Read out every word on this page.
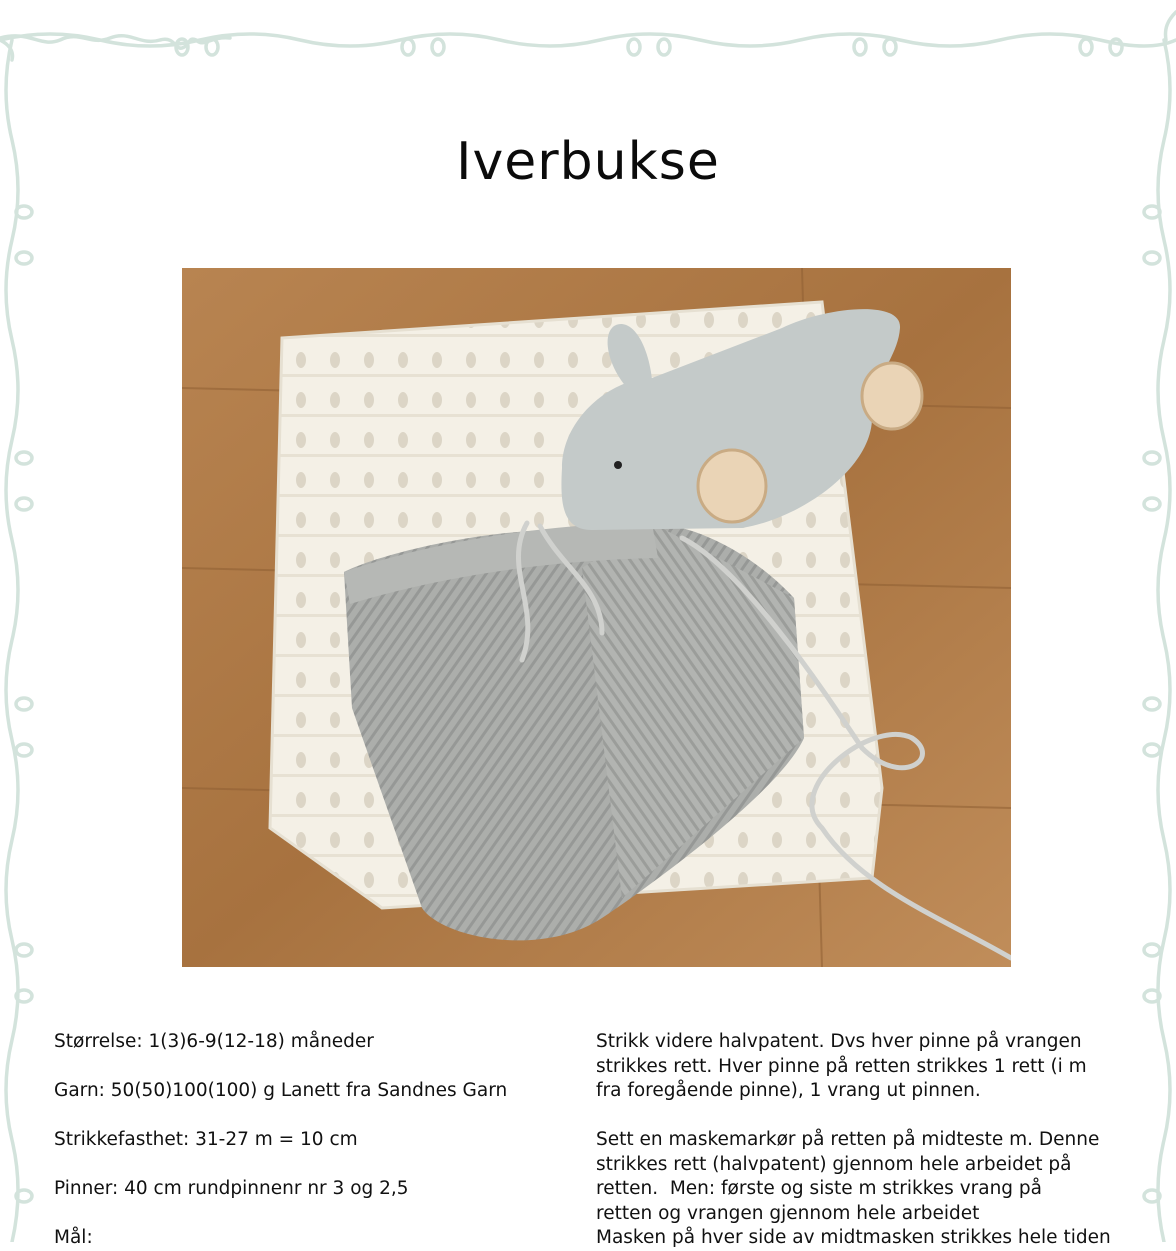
Iverbukse

Størrelse: 1(3)6-9(12-18) måneder

Garn: 50(50)100(100) g Lanett fra Sandnes Garn

Strikkefasthet: 31-27 m = 10 cm

Pinner: 40 cm rundpinnenr nr 3 og 2,5

Mål:

Strikk videre halvpatent. Dvs hver pinne på vrangen
strikkes rett. Hver pinne på retten strikkes 1 rett (i m
fra foregående pinne), 1 vrang ut pinnen.

Sett en maskemarkør på retten på midteste m. Denne
strikkes rett (halvpatent) gjennom hele arbeidet på
retten.  Men: første og siste m strikkes vrang på
retten og vrangen gjennom hele arbeidet
Masken på hver side av midtmasken strikkes hele tiden
